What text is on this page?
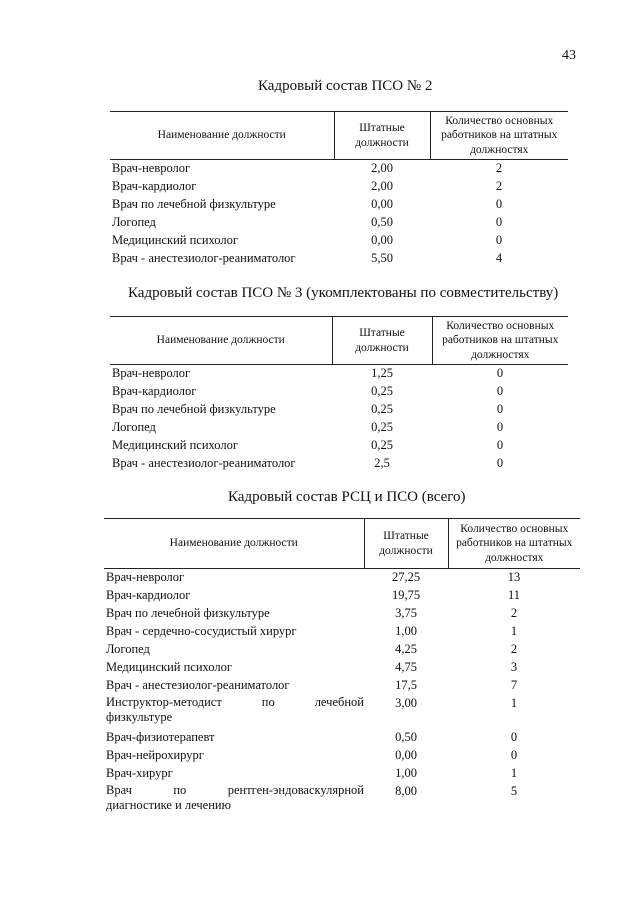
43
Кадровый состав ПСО № 2
Наименование должности	Штатные должности	Количество основных работников на штатных должностях
Врач-невролог	2,00	2
Врач-кардиолог	2,00	2
Врач по лечебной физкультуре	0,00	0
Логопед	0,50	0
Медицинский психолог	0,00	0
Врач - анестезиолог-реаниматолог	5,50	4
Кадровый состав ПСО № 3 (укомплектованы по совместительству)
Наименование должности	Штатные должности	Количество основных работников на штатных должностях
Врач-невролог	1,25	0
Врач-кардиолог	0,25	0
Врач по лечебной физкультуре	0,25	0
Логопед	0,25	0
Медицинский психолог	0,25	0
Врач - анестезиолог-реаниматолог	2,5	0
Кадровый состав РСЦ и ПСО (всего)
Наименование должности	Штатные должности	Количество основных работников на штатных должностях
Врач-невролог	27,25	13
Врач-кардиолог	19,75	11
Врач по лечебной физкультуре	3,75	2
Врач - сердечно-сосудистый хирург	1,00	1
Логопед	4,25	2
Медицинский психолог	4,75	3
Врач - анестезиолог-реаниматолог	17,5	7

Инструктор-методист по лечебной
физкультуре	3,00	1
Врач-физиотерапевт	0,50	0
Врач-нейрохирург	0,00	0
Врач-хирург	1,00	1

Врач по рентген-эндоваскулярной
диагностике и лечению	8,00	5
